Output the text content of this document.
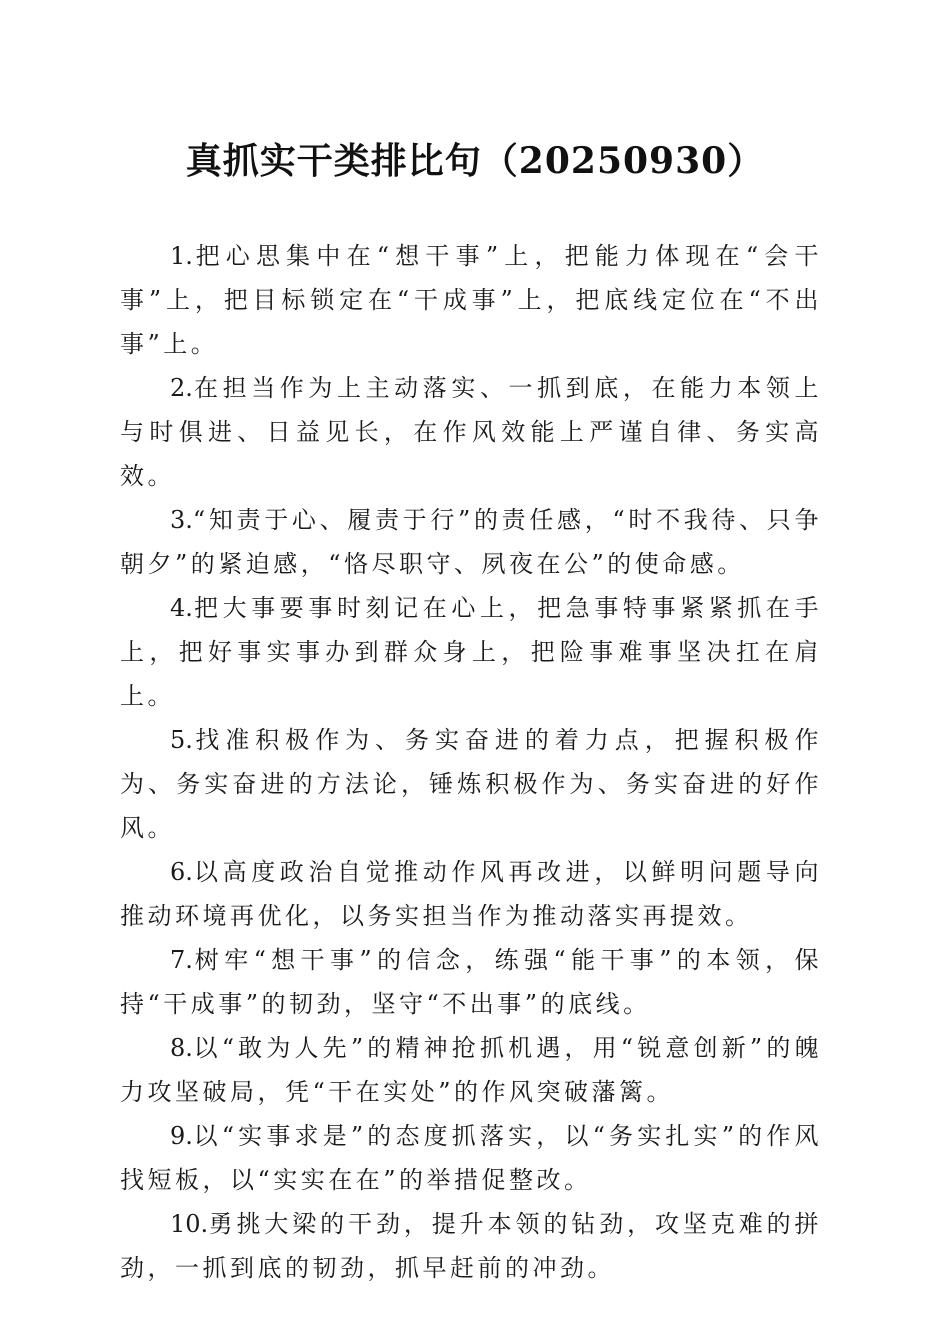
真抓实干类排比句（20250930）

1.把心思集中在“想干事”上，把能力体现在“会干事”上，把目标锁定在“干成事”上，把底线定位在“不出事”上。

2.在担当作为上主动落实、一抓到底，在能力本领上与时俱进、日益见长，在作风效能上严谨自律、务实高效。

3.“知责于心、履责于行”的责任感，“时不我待、只争朝夕”的紧迫感，“恪尽职守、夙夜在公”的使命感。

4.把大事要事时刻记在心上，把急事特事紧紧抓在手上，把好事实事办到群众身上，把险事难事坚决扛在肩上。

5.找准积极作为、务实奋进的着力点，把握积极作为、务实奋进的方法论，锤炼积极作为、务实奋进的好作风。

6.以高度政治自觉推动作风再改进，以鲜明问题导向推动环境再优化，以务实担当作为推动落实再提效。

7.树牢“想干事”的信念，练强“能干事”的本领，保持“干成事”的韧劲，坚守“不出事”的底线。

8.以“敢为人先”的精神抢抓机遇，用“锐意创新”的魄力攻坚破局，凭“干在实处”的作风突破藩篱。

9.以“实事求是”的态度抓落实，以“务实扎实”的作风找短板，以“实实在在”的举措促整改。

10.勇挑大梁的干劲，提升本领的钻劲，攻坚克难的拼劲，一抓到底的韧劲，抓早赶前的冲劲。
